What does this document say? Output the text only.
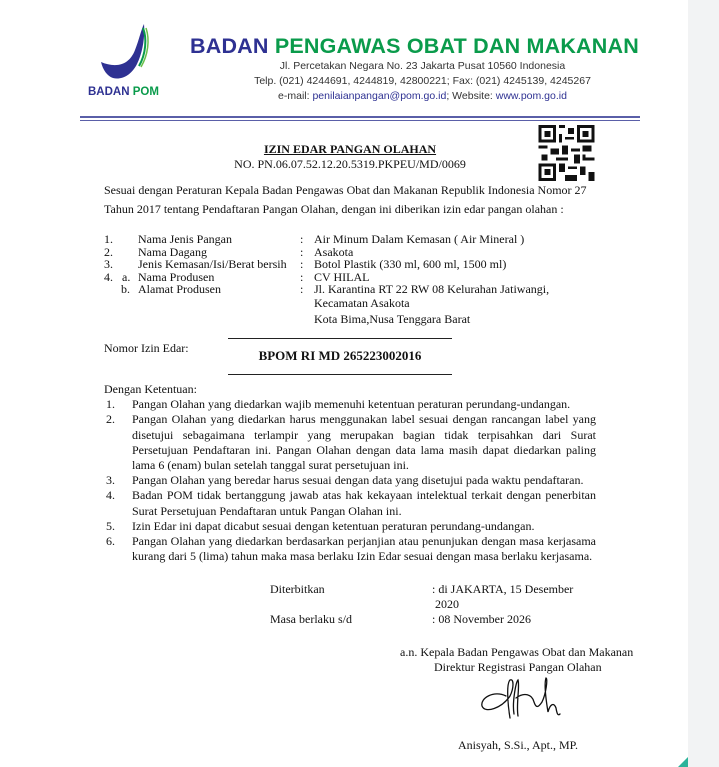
BADAN POM
BADAN PENGAWAS OBAT DAN MAKANAN
Jl. Percetakan Negara No. 23 Jakarta Pusat 10560 Indonesia
Telp. (021) 4244691, 4244819, 42800221; Fax: (021) 4245139, 4245267
e-mail: penilaianpangan@pom.go.id; Website: www.pom.go.id
IZIN EDAR PANGAN OLAHAN
NO. PN.06.07.52.12.20.5319.PKPEU/MD/0069
Sesuai dengan Peraturan Kepala Badan Pengawas Obat dan Makanan Republik Indonesia Nomor 27 Tahun 2017 tentang Pendaftaran Pangan Olahan, dengan ini diberikan izin edar pangan olahan :
1. Nama Jenis Pangan	: Air Minum Dalam Kemasan ( Air Mineral )
2. Nama Dagang	: Asakota
3. Jenis Kemasan/Isi/Berat bersih : Botol Plastik (330 ml, 600 ml, 1500 ml)
4.   a. Nama Produsen	: CV HILAL
b. Alamat Produsen	: Jl. Karantina RT 22 RW 08 Kelurahan Jatiwangi,
Kecamatan Asakota
Kota Bima,Nusa Tenggara Barat
Nomor Izin Edar:	BPOM RI MD 265223002016
Dengan Ketentuan:
1.	Pangan Olahan yang diedarkan wajib memenuhi ketentuan peraturan perundang-undangan.
2.	Pangan Olahan yang diedarkan harus menggunakan label sesuai dengan rancangan label yang disetujui sebagaimana terlampir yang merupakan bagian tidak terpisahkan dari Surat Persetujuan Pendaftaran ini. Pangan Olahan dengan data lama masih dapat diedarkan paling lama 6 (enam) bulan setelah tanggal surat persetujuan ini.
3.	Pangan Olahan yang beredar harus sesuai dengan data yang disetujui pada waktu pendaftaran.
4.	Badan POM tidak bertanggung jawab atas hak kekayaan intelektual terkait dengan penerbitan Surat Persetujuan Pendaftaran untuk Pangan Olahan ini.
5.	Izin Edar ini dapat dicabut sesuai dengan ketentuan peraturan perundang-undangan.
6.	Pangan Olahan yang diedarkan berdasarkan perjanjian atau penunjukan dengan masa kerjasama kurang dari 5 (lima) tahun maka masa berlaku Izin Edar sesuai dengan masa berlaku kerjasama.
Diterbitkan	: di JAKARTA, 15 Desember
2020
Masa berlaku s/d	: 08 November 2026
a.n. Kepala Badan Pengawas Obat dan Makanan
Direktur Registrasi Pangan Olahan
Anisyah, S.Si., Apt., MP.
